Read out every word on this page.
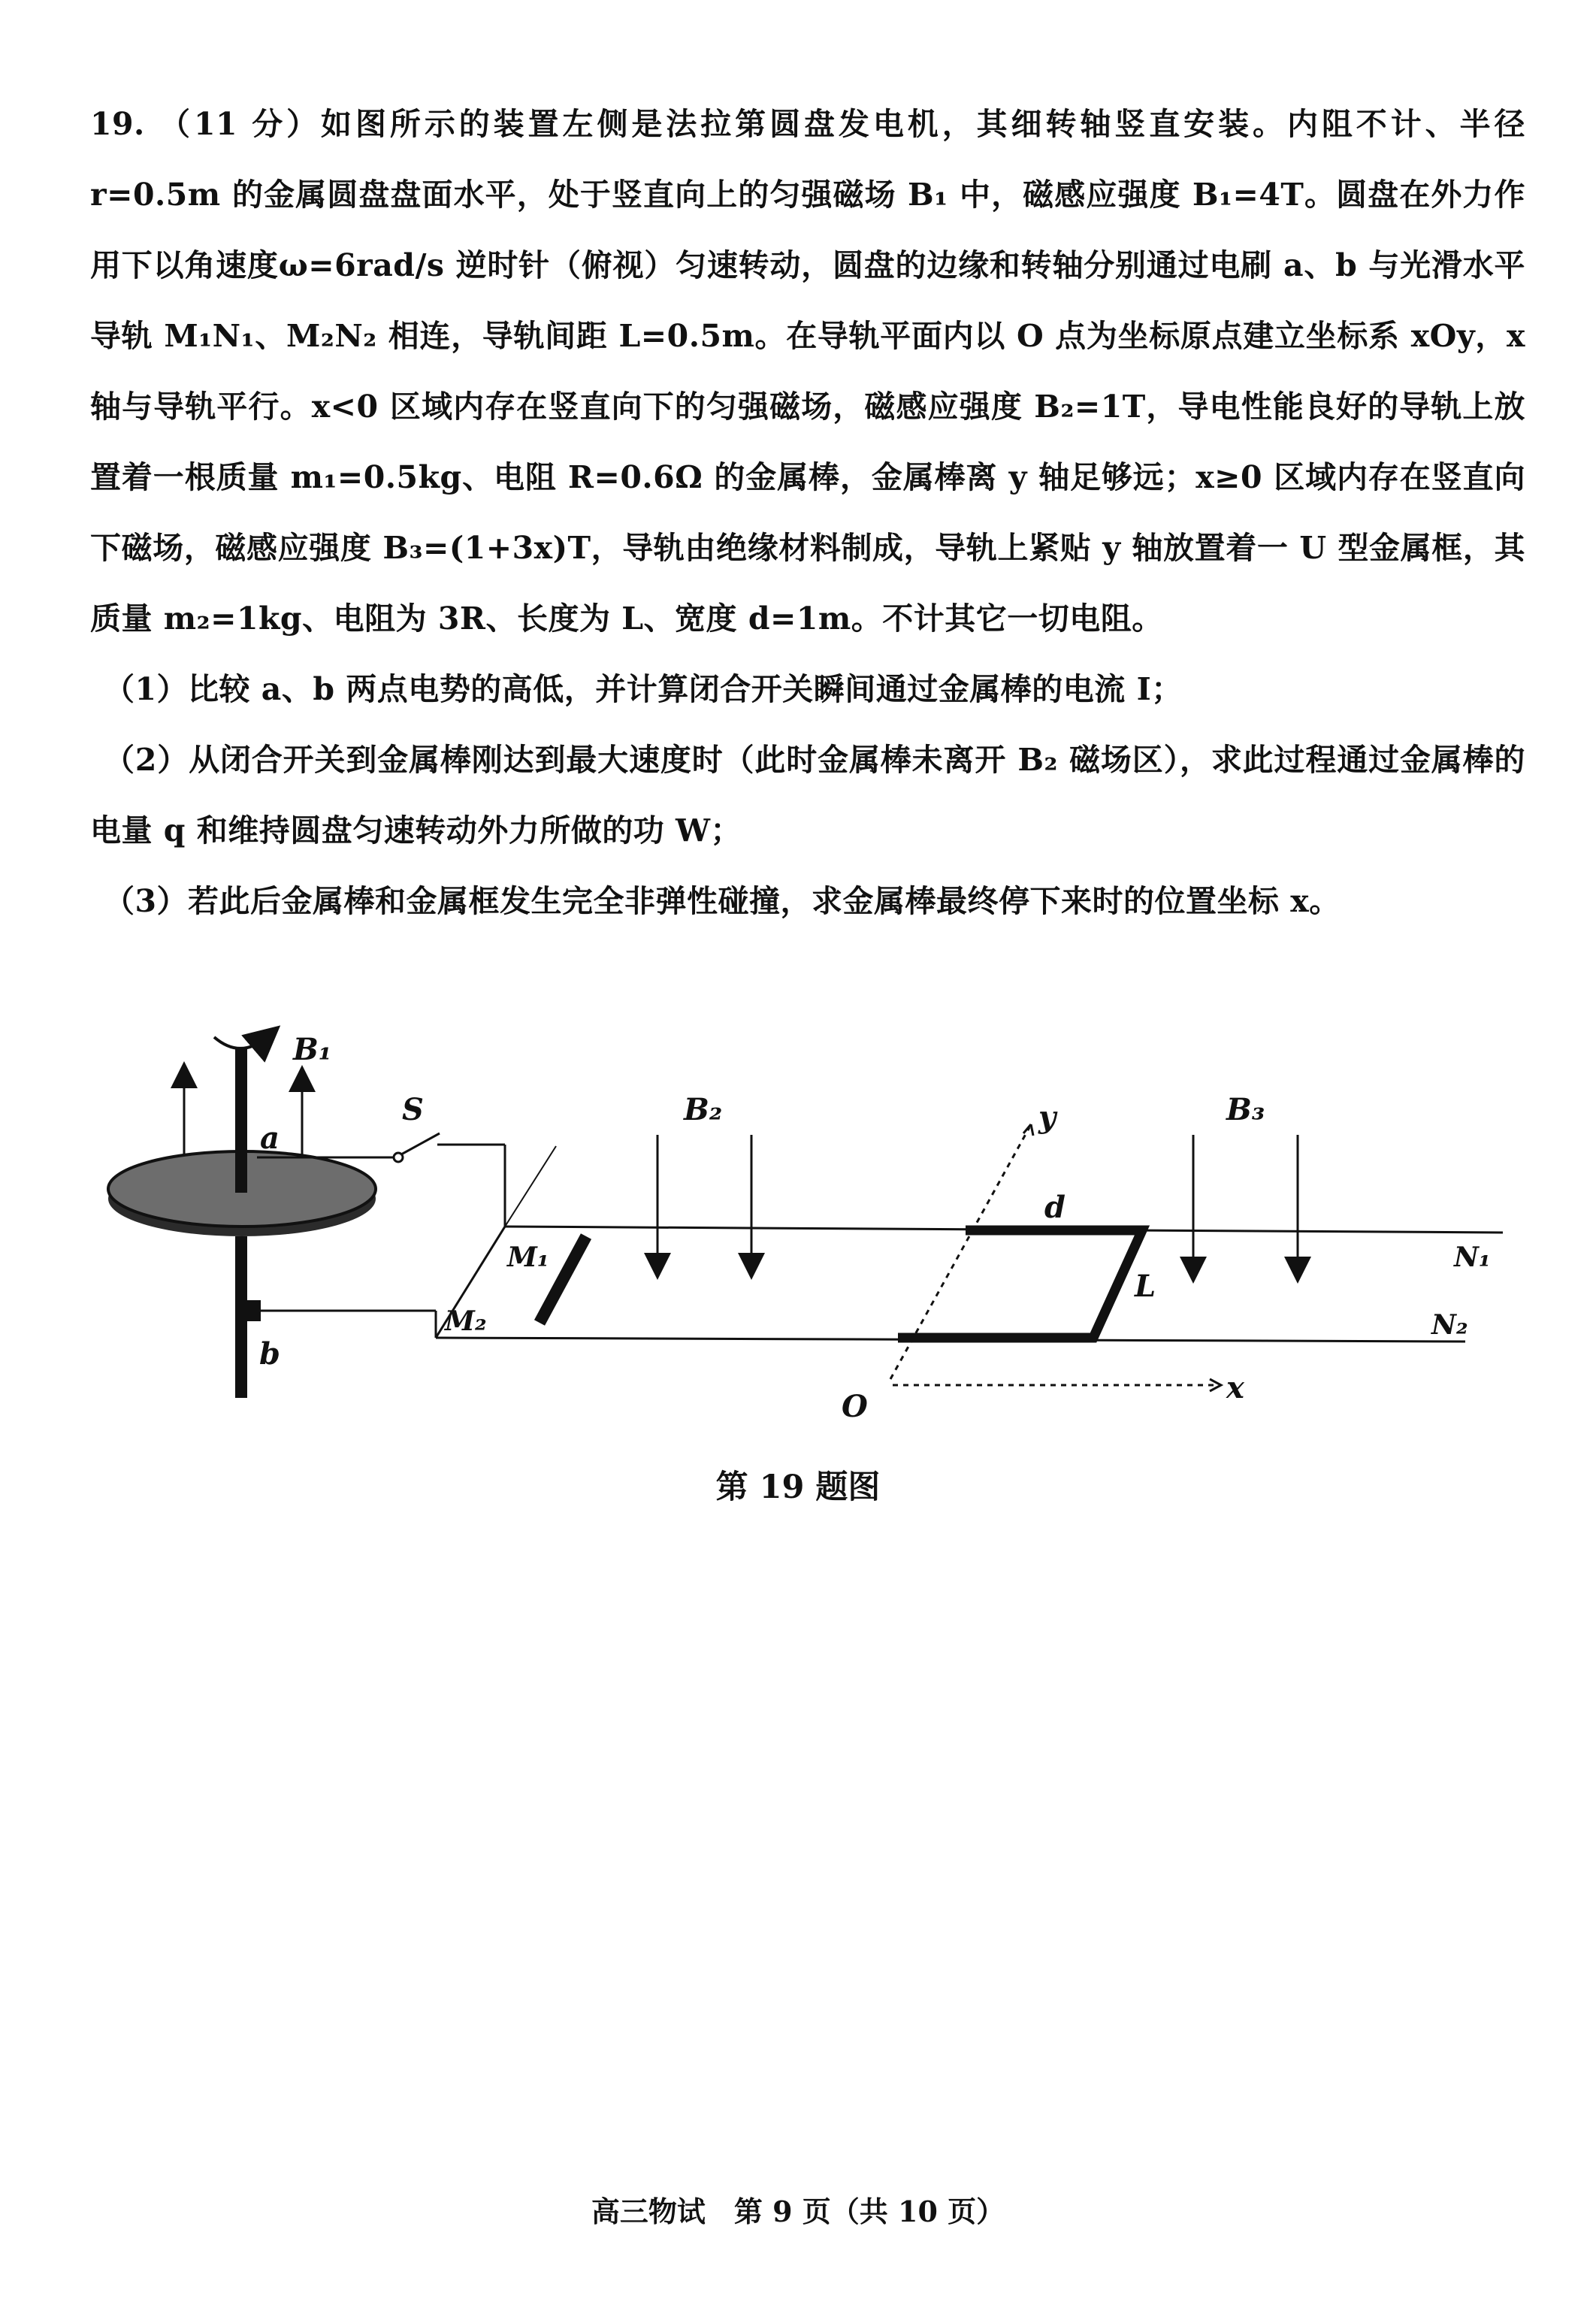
19. （11 分）如图所示的装置左侧是法拉第圆盘发电机，其细转轴竖直安装。内阻不计、半径 r=0.5m 的金属圆盘盘面水平，处于竖直向上的匀强磁场 B₁ 中，磁感应强度 B₁=4T。圆盘在外力作用下以角速度ω=6rad/s 逆时针（俯视）匀速转动，圆盘的边缘和转轴分别通过电刷 a、b 与光滑水平导轨 M₁N₁、M₂N₂ 相连，导轨间距 L=0.5m。在导轨平面内以 O 点为坐标原点建立坐标系 xOy，x 轴与导轨平行。x<0 区域内存在竖直向下的匀强磁场，磁感应强度 B₂=1T，导电性能良好的导轨上放置着一根质量 m₁=0.5kg、电阻 R=0.6Ω 的金属棒，金属棒离 y 轴足够远；x≥0 区域内存在竖直向下磁场，磁感应强度 B₃=(1+3x)T，导轨由绝缘材料制成，导轨上紧贴 y 轴放置着一 U 型金属框，其质量 m₂=1kg、电阻为 3R、长度为 L、宽度 d=1m。不计其它一切电阻。

（1）比较 a、b 两点电势的高低，并计算闭合开关瞬间通过金属棒的电流 I；

（2）从闭合开关到金属棒刚达到最大速度时（此时金属棒未离开 B₂ 磁场区），求此过程通过金属棒的电量 q 和维持圆盘匀速转动外力所做的功 W；

（3）若此后金属棒和金属框发生完全非弹性碰撞，求金属棒最终停下来时的位置坐标 x。

B₁
a
b
S
M₁
M₂
B₂	y
d
L
B₃
N₁
N₂
O
x
第 19 题图
高三物试　第 9 页（共 10 页）
